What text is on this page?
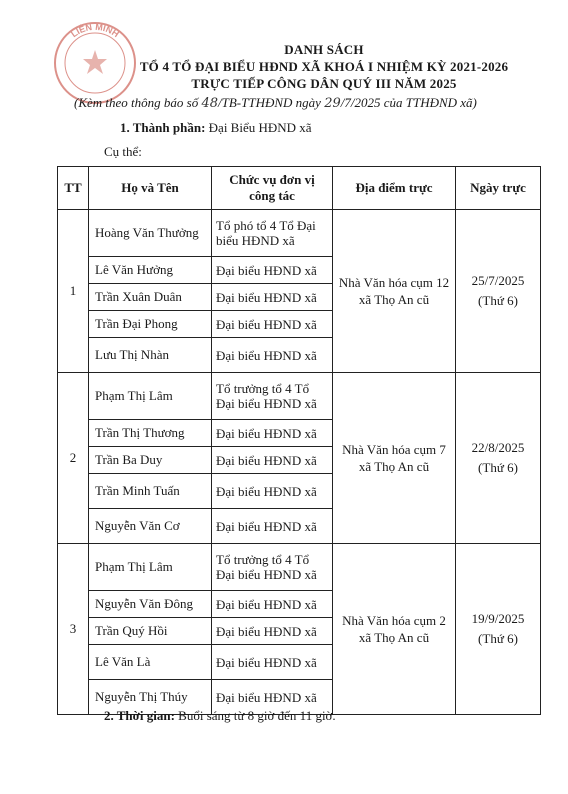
LIÊN MINH
DANH SÁCH
TỔ 4 TỔ ĐẠI BIỂU HĐND XÃ KHOÁ I NHIỆM KỲ 2021-2026
TRỰC TIẾP CÔNG DÂN QUÝ III NĂM 2025
(Kèm theo thông báo số 48/TB-TTHĐND ngày 29/7/2025 của TTHĐND xã)
1. Thành phần: Đại Biểu HĐND xã
Cụ thể:
TT	Họ và Tên	Chức vụ đơn vị công tác	Địa điểm trực	Ngày trực
1	Hoàng Văn Thưởng	Tổ phó tổ 4 Tổ Đại biểu HĐND xã	Nhà Văn hóa cụm 12 xã Thọ An cũ	25/7/2025
(Thứ 6)

	Lê Văn Hưởng	Đại biểu HĐND xã		
	Trần Xuân Duân	Đại biểu HĐND xã		
	Trần Đại Phong	Đại biểu HĐND xã		
	Lưu Thị Nhàn	Đại biểu HĐND xã		
2	Phạm Thị Lâm	Tổ trưởng tổ 4 Tổ Đại biểu HĐND xã	Nhà Văn hóa cụm 7 xã Thọ An cũ	22/8/2025
(Thứ 6)

	Trần Thị Thương	Đại biểu HĐND xã		
	Trần Ba Duy	Đại biểu HĐND xã		
	Trần Minh Tuấn	Đại biểu HĐND xã		
	Nguyễn Văn Cơ	Đại biểu HĐND xã		
3	Phạm Thị Lâm	Tổ trưởng tổ 4 Tổ Đại biểu HĐND xã	Nhà Văn hóa cụm 2 xã Thọ An cũ	19/9/2025
(Thứ 6)

	Nguyễn Văn Đông	Đại biểu HĐND xã		
	Trần Quý Hồi	Đại biểu HĐND xã		
	Lê Văn Là	Đại biểu HĐND xã		
	Nguyễn Thị Thúy	Đại biểu HĐND xã		
2. Thời gian: Buổi sáng từ 8 giờ đến 11 giờ.
